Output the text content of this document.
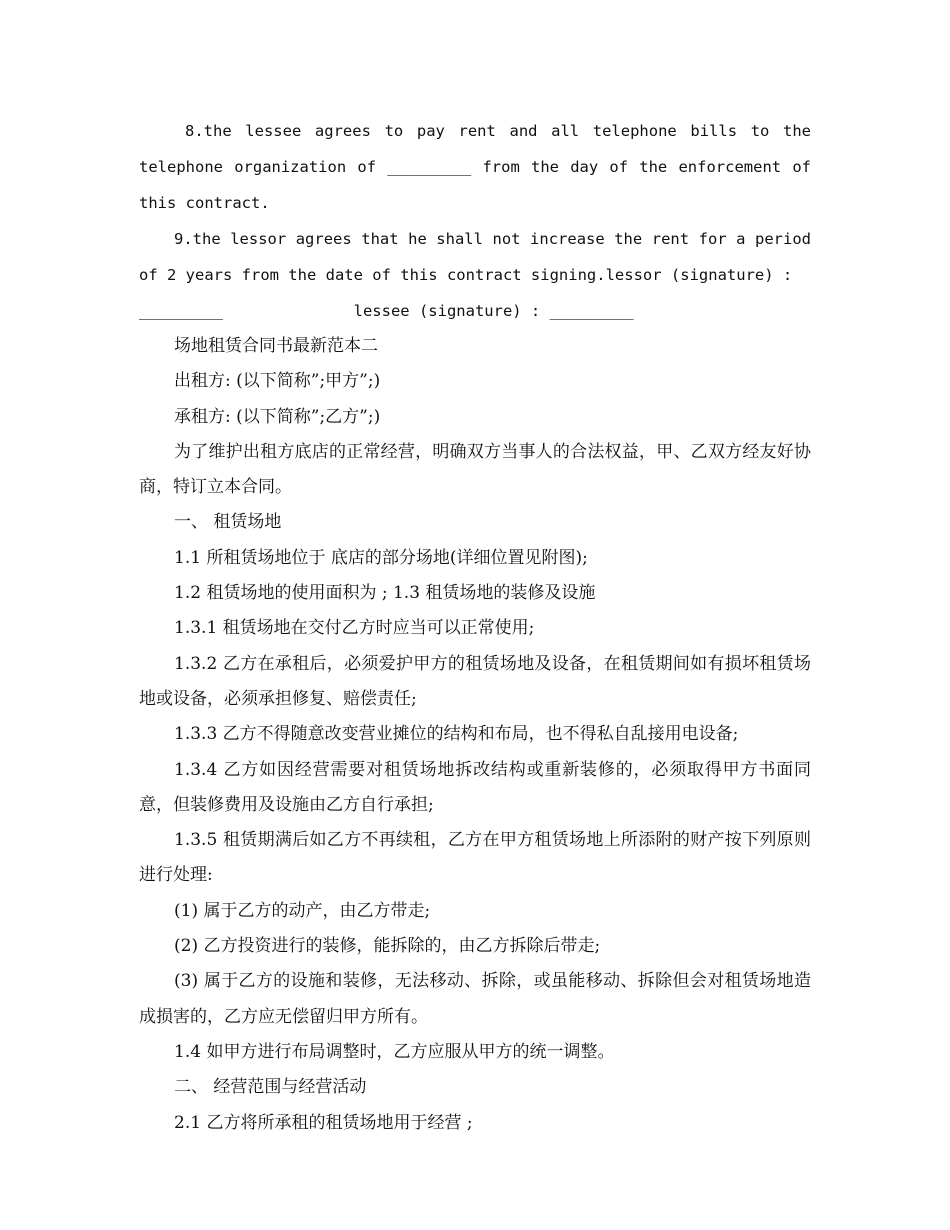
8.the lessee agrees to pay rent and all telephone bills to the telephone organization of _________ from the day of the enforcement of this contract.

9.the lessor agrees that he shall not increase the rent for a period of 2 years from the date of this contract signing.lessor (signature) :

_________              lessee (signature) : _________

场地租赁合同书最新范本二

出租方: (以下简称”;甲方”;)

承租方: (以下简称”;乙方”;)

为了维护出租方底店的正常经营，明确双方当事人的合法权益，甲、乙双方经友好协商，特订立本合同。

一、 租赁场地

1.1 所租赁场地位于 底店的部分场地(详细位置见附图);

1.2 租赁场地的使用面积为 ; 1.3 租赁场地的装修及设施

1.3.1 租赁场地在交付乙方时应当可以正常使用;

1.3.2 乙方在承租后，必须爱护甲方的租赁场地及设备，在租赁期间如有损坏租赁场地或设备，必须承担修复、赔偿责任;

1.3.3 乙方不得随意改变营业摊位的结构和布局，也不得私自乱接用电设备;

1.3.4 乙方如因经营需要对租赁场地拆改结构或重新装修的，必须取得甲方书面同意，但装修费用及设施由乙方自行承担;

1.3.5 租赁期满后如乙方不再续租，乙方在甲方租赁场地上所添附的财产按下列原则进行处理:

(1) 属于乙方的动产，由乙方带走;

(2) 乙方投资进行的装修，能拆除的，由乙方拆除后带走;

(3) 属于乙方的设施和装修，无法移动、拆除，或虽能移动、拆除但会对租赁场地造成损害的，乙方应无偿留归甲方所有。

1.4 如甲方进行布局调整时，乙方应服从甲方的统一调整。

二、 经营范围与经营活动

2.1 乙方将所承租的租赁场地用于经营 ;
